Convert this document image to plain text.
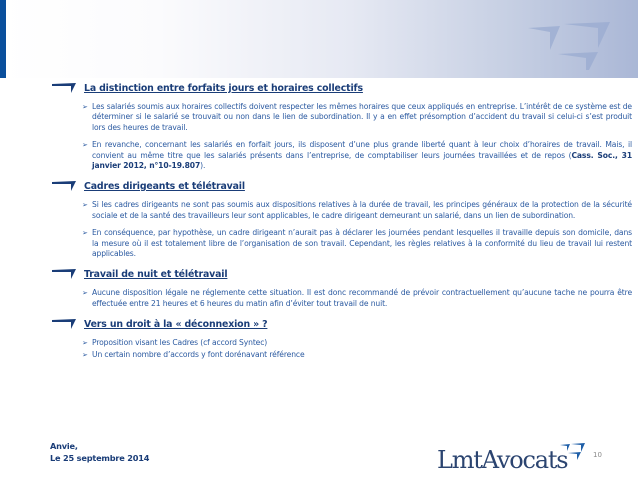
La distinction entre forfaits jours et horaires collectifs
➢ Les salariés soumis aux horaires collectifs doivent respecter les mêmes horaires que ceux appliqués en entreprise. L’intérêt de ce système est de déterminer si le salarié se trouvait ou non dans le lien de subordination. Il y a en effet présomption d’accident du travail si celui-ci s’est produit lors des heures de travail.
➢ En revanche, concernant les salariés en forfait jours, ils disposent d’une plus grande liberté quant à leur choix d’horaires de travail. Mais, il convient au même titre que les salariés présents dans l’entreprise, de comptabiliser leurs journées travaillées et de repos (Cass. Soc., 31 janvier 2012, n°10-19.807).
Cadres dirigeants et télétravail
➢ Si les cadres dirigeants ne sont pas soumis aux dispositions relatives à la durée de travail, les principes généraux de la protection de la sécurité sociale et de la santé des travailleurs leur sont applicables, le cadre dirigeant demeurant un salarié, dans un lien de subordination.
➢ En conséquence, par hypothèse, un cadre dirigeant n’aurait pas à déclarer les journées pendant lesquelles il travaille depuis son domicile, dans la mesure où il est totalement libre de l’organisation de son travail. Cependant, les règles relatives à la conformité du lieu de travail lui restent applicables.
Travail de nuit et télétravail
➢ Aucune disposition légale ne réglemente cette situation. Il est donc recommandé de prévoir contractuellement qu’aucune tache ne pourra être effectuée entre 21 heures et 6 heures du matin afin d’éviter tout travail de nuit.
Vers un droit à la « déconnexion » ?
➢ Proposition visant les Cadres (cf accord Syntec)
➢ Un certain nombre d’accords y font dorénavant référence
Anvie,
Le 25 septembre 2014	LmtAvocats	10
